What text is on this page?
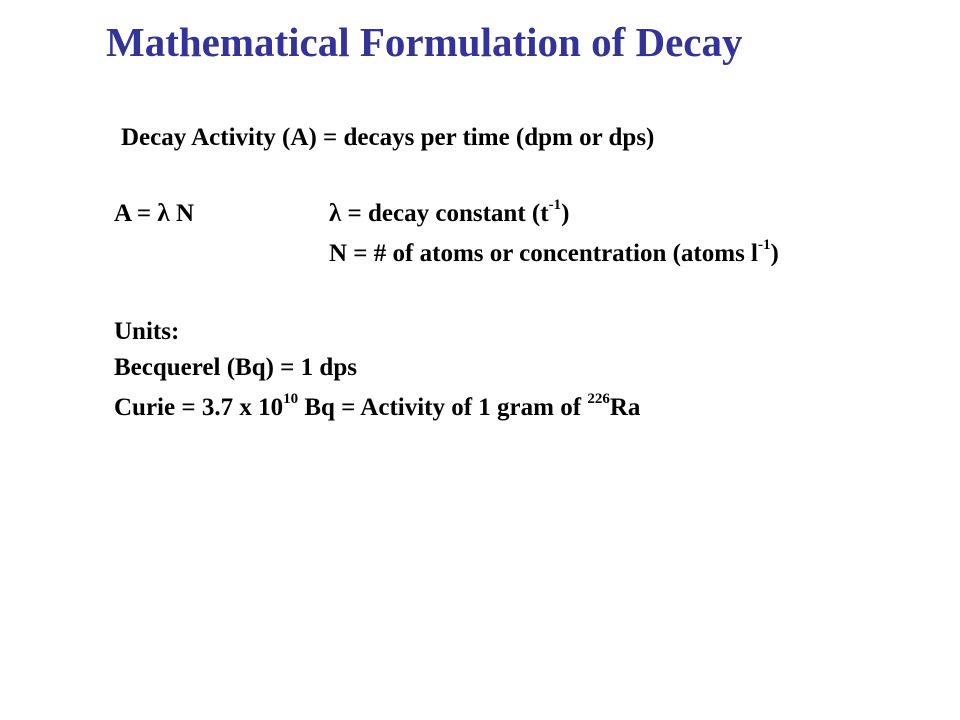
Mathematical Formulation of Decay
Decay Activity (A) = decays per time (dpm or dps)
A = λ N	λ = decay constant $(t^{-1})$
N = # of atoms or concentration (atoms $l^{-1}$)
Units:
Becquerel (Bq) = 1 dps
Curie = 3.7 x $10^{10}$ Bq = Activity of 1 gram of $^{226}$Ra
